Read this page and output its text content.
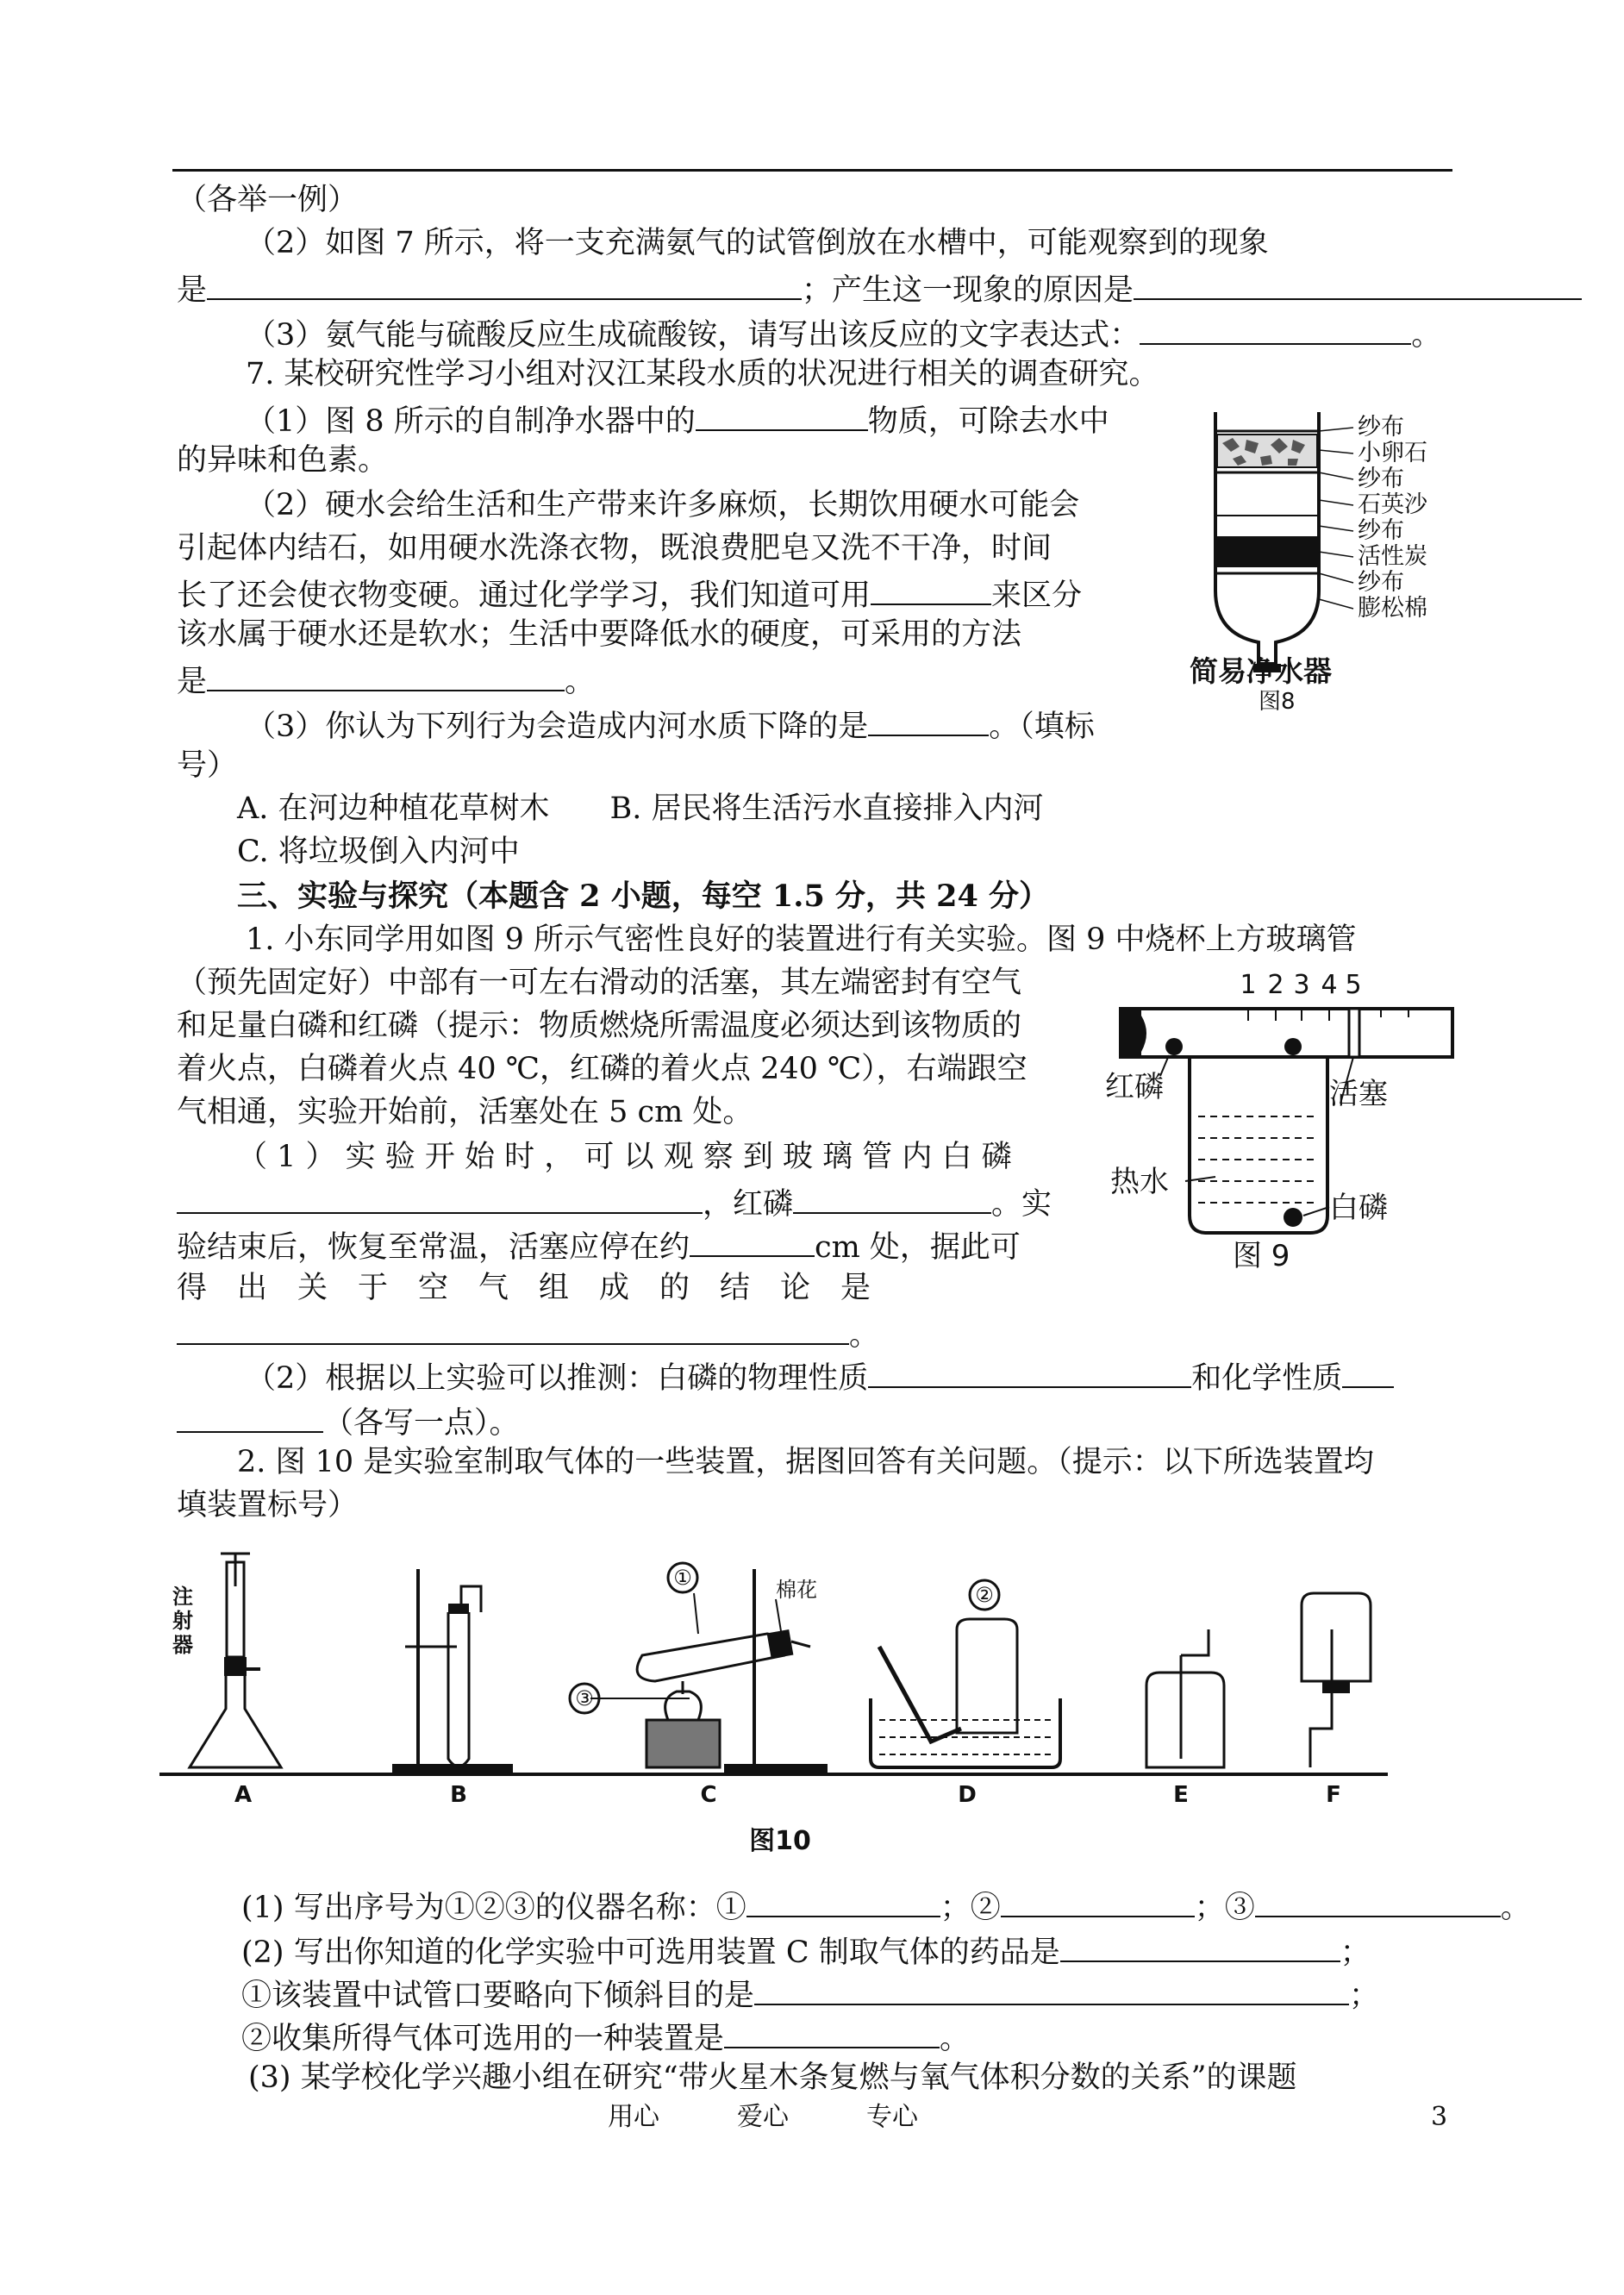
（各举一例）
（2）如图 7 所示，将一支充满氨气的试管倒放在水槽中，可能观察到的现象
是	；产生这一现象的原因是
（3）氨气能与硫酸反应生成硫酸铵，请写出该反应的文字表达式：	。
7. 某校研究性学习小组对汉江某段水质的状况进行相关的调查研究。
（1）图 8 所示的自制净水器中的	物质，可除去水中
的异味和色素。
（2）硬水会给生活和生产带来许多麻烦，长期饮用硬水可能会
引起体内结石，如用硬水洗涤衣物，既浪费肥皂又洗不干净，时间
长了还会使衣物变硬。通过化学学习，我们知道可用	来区分
该水属于硬水还是软水；生活中要降低水的硬度，可采用的方法
是	。
（3）你认为下列行为会造成内河水质下降的是	。（填标
号）
A. 在河边种植花草树木　　B. 居民将生活污水直接排入内河
C. 将垃圾倒入内河中
三、实验与探究（本题含 2 小题，每空 1.5 分，共 24 分）
1. 小东同学用如图 9 所示气密性良好的装置进行有关实验。图 9 中烧杯上方玻璃管
（预先固定好）中部有一可左右滑动的活塞，其左端密封有空气
和足量白磷和红磷（提示：物质燃烧所需温度必须达到该物质的
着火点，白磷着火点 40 ℃，红磷的着火点 240 ℃），右端跟空
气相通，实验开始前，活塞处在 5 cm 处。
（ 1 ） 实 验 开 始 时 ， 可 以 观 察 到 玻 璃 管 内 白 磷
，红磷	。实
验结束后，恢复至常温，活塞应停在约	cm 处，据此可
得　出　关　于　空　气　组　成　的　结　论　是
。
（2）根据以上实验可以推测：白磷的物理性质	和化学性质
（各写一点）。
2. 图 10 是实验室制取气体的一些装置，据图回答有关问题。（提示：以下所选装置均
填装置标号）
(1) 写出序号为①②③的仪器名称：①	；②	；③	。
(2) 写出你知道的化学实验中可选用装置 C 制取气体的药品是	；
①该装置中试管口要略向下倾斜目的是	；
②收集所得气体可选用的一种装置是	。
(3) 某学校化学兴趣小组在研究“带火星木条复燃与氧气体积分数的关系”的课题
纱布
小卵石
纱布
石英沙
纱布
活性炭
纱布
膨松棉
简易净水器
图8
1 2 3 4 5
红磷	活塞
热水
白磷
图 9
注射器
①
③
棉花	②
A	B	C	D	E	F
图10
用心　　　爱心　　　专心	3
